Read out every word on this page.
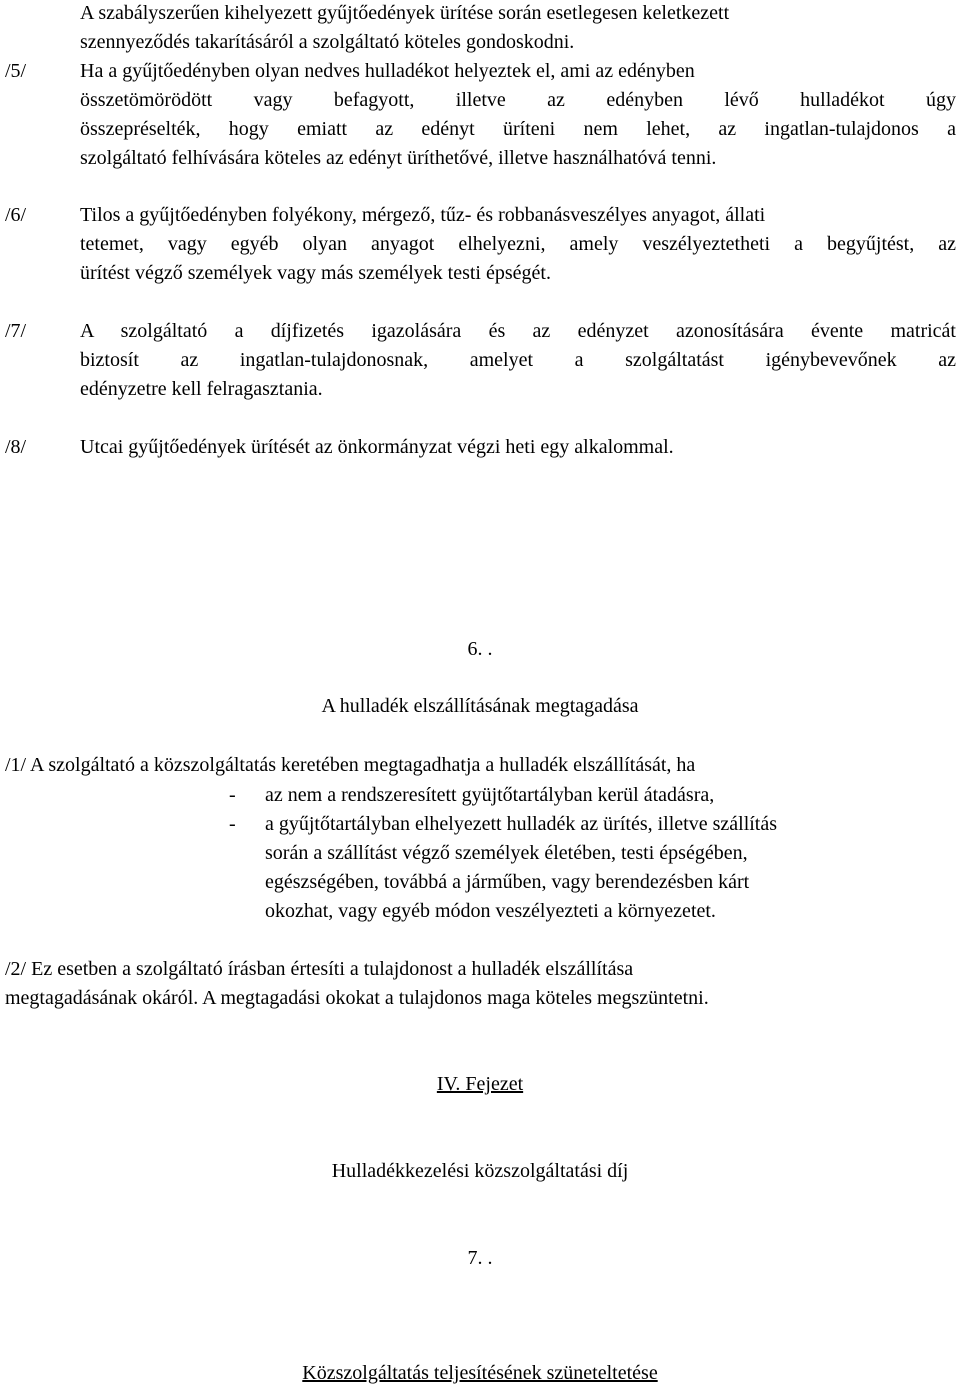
A szabályszerűen kihelyezett gyűjtőedények ürítése során esetlegesen keletkezett
szennyeződés takarításáról a szolgáltató köteles gondoskodni.
/5/	Ha a gyűjtőedényben olyan nedves hulladékot helyeztek el, ami az edényben
összetömörödött vagy befagyott, illetve az edényben lévő hulladékot úgy
összepréselték, hogy emiatt az edényt üríteni nem lehet, az ingatlan-tulajdonos a
szolgáltató felhívására köteles az edényt üríthetővé, illetve használhatóvá tenni.
/6/	Tilos a gyűjtőedényben folyékony, mérgező, tűz- és robbanásveszélyes anyagot, állati
tetemet, vagy egyéb olyan anyagot elhelyezni, amely veszélyeztetheti a begyűjtést, az
ürítést végző személyek vagy más személyek testi épségét.
/7/	A szolgáltató a díjfizetés igazolására és az edényzet azonosítására évente matricát
biztosít az ingatlan-tulajdonosnak, amelyet a szolgáltatást igénybevevőnek az
edényzetre kell felragasztania.
/8/	Utcai gyűjtőedények ürítését az önkormányzat végzi heti egy alkalommal.
6. .
A hulladék elszállításának megtagadása
/1/ A szolgáltató a közszolgáltatás keretében megtagadhatja a hulladék elszállítását, ha
- az nem a rendszeresített gyüjtőtartályban kerül átadásra,
- a gyűjtőtartályban elhelyezett hulladék az ürítés, illetve szállítás
során a szállítást végző személyek életében, testi épségében,
egészségében, továbbá a járműben, vagy berendezésben kárt
okozhat, vagy egyéb módon veszélyezteti a környezetet.
/2/ Ez esetben a szolgáltató írásban értesíti a tulajdonost a hulladék elszállítása
megtagadásának okáról. A megtagadási okokat a tulajdonos maga köteles megszüntetni.
IV. Fejezet
Hulladékkezelési közszolgáltatási díj
7. .
Közszolgáltatás teljesítésének szüneteltetése
